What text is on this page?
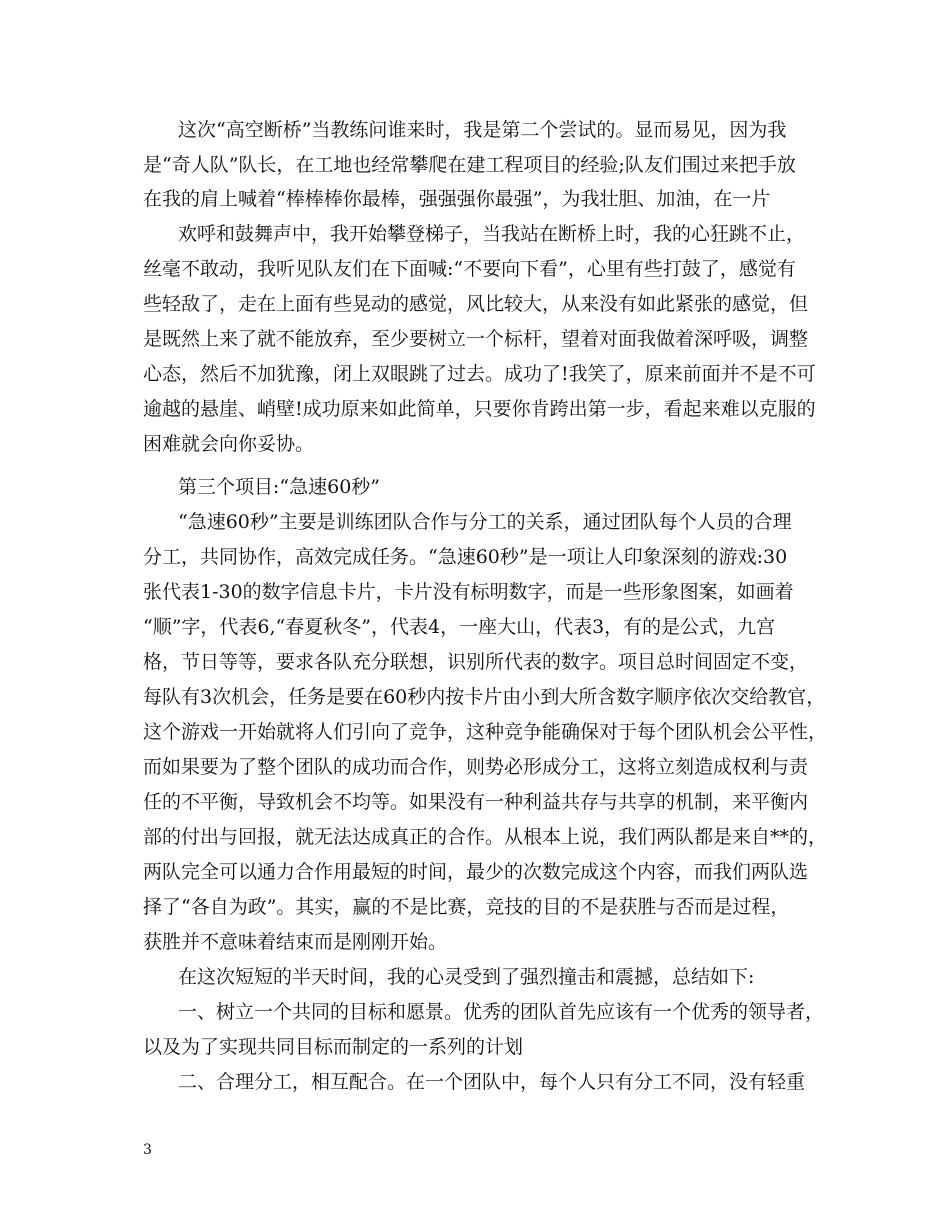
这次“高空断桥”当教练问谁来时，我是第二个尝试的。显而易见，因为我
是“奇人队”队长，在工地也经常攀爬在建工程项目的经验;队友们围过来把手放
在我的肩上喊着“棒棒棒你最棒，强强强你最强”，为我壮胆、加油，在一片
欢呼和鼓舞声中，我开始攀登梯子，当我站在断桥上时，我的心狂跳不止，
丝毫不敢动，我听见队友们在下面喊:“不要向下看”，心里有些打鼓了，感觉有
些轻敌了，走在上面有些晃动的感觉，风比较大，从来没有如此紧张的感觉，但
是既然上来了就不能放弃，至少要树立一个标杆，望着对面我做着深呼吸，调整
心态，然后不加犹豫，闭上双眼跳了过去。成功了!我笑了，原来前面并不是不可
逾越的悬崖、峭壁!成功原来如此简单，只要你肯跨出第一步，看起来难以克服的
困难就会向你妥协。
第三个项目:“急速60秒”
“急速60秒”主要是训练团队合作与分工的关系，通过团队每个人员的合理
分工，共同协作，高效完成任务。“急速60秒”是一项让人印象深刻的游戏:30
张代表1-30的数字信息卡片，卡片没有标明数字，而是一些形象图案，如画着
“顺”字，代表6,“春夏秋冬”，代表4，一座大山，代表3，有的是公式，九宫
格，节日等等，要求各队充分联想，识别所代表的数字。项目总时间固定不变，
每队有3次机会，任务是要在60秒内按卡片由小到大所含数字顺序依次交给教官，
这个游戏一开始就将人们引向了竞争，这种竞争能确保对于每个团队机会公平性，
而如果要为了整个团队的成功而合作，则势必形成分工，这将立刻造成权利与责
任的不平衡，导致机会不均等。如果没有一种利益共存与共享的机制，来平衡内
部的付出与回报，就无法达成真正的合作。从根本上说，我们两队都是来自**的，
两队完全可以通力合作用最短的时间，最少的次数完成这个内容，而我们两队选
择了“各自为政”。其实，赢的不是比赛，竞技的目的不是获胜与否而是过程，
获胜并不意味着结束而是刚刚开始。
在这次短短的半天时间，我的心灵受到了强烈撞击和震撼，总结如下:
一、树立一个共同的目标和愿景。优秀的团队首先应该有一个优秀的领导者，
以及为了实现共同目标而制定的一系列的计划
二、合理分工，相互配合。在一个团队中，每个人只有分工不同，没有轻重
3
